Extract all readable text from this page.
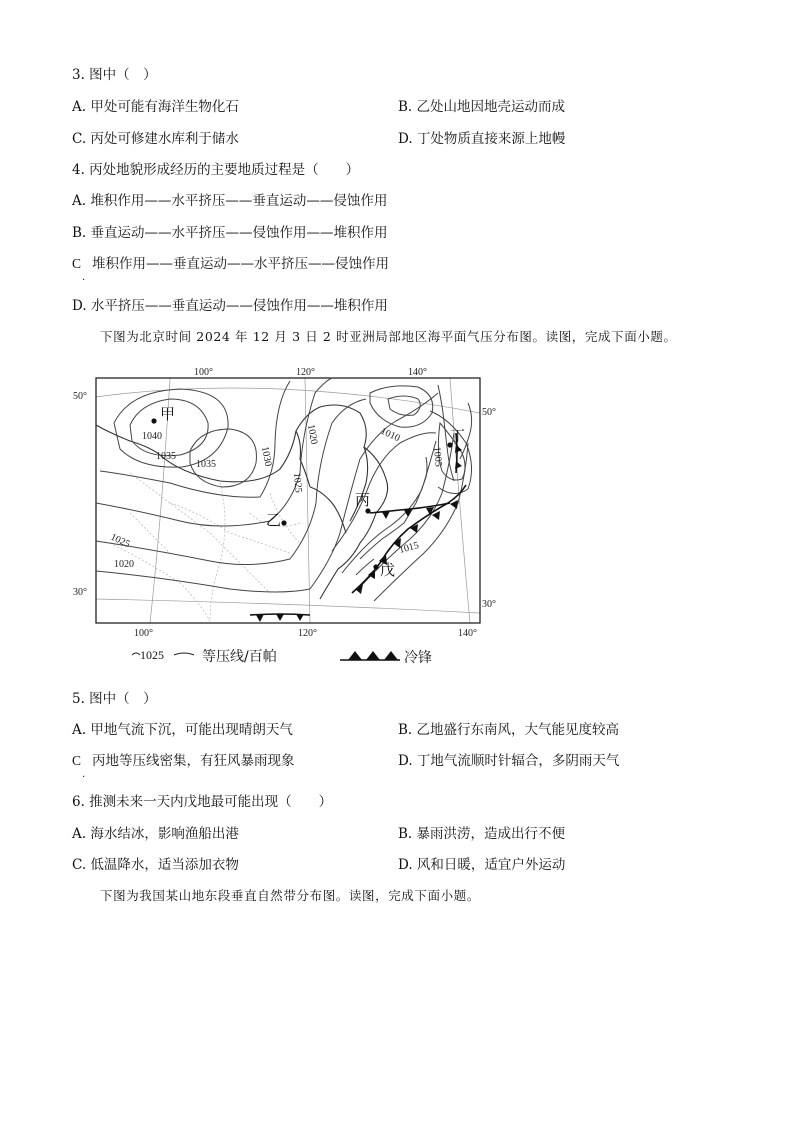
3. 图中（　）
A. 甲处可能有海洋生物化石	B. 乙处山地因地壳运动而成
C. 丙处可修建水库利于储水	D. 丁处物质直接来源上地幔
4. 丙处地貌形成经历的主要地质过程是（　　）
A. 堆积作用——水平挤压——垂直运动——侵蚀作用
B. 垂直运动——水平挤压——侵蚀作用——堆积作用
C
·
堆积作用——垂直运动——水平挤压——侵蚀作用
D. 水平挤压——垂直运动——侵蚀作用——堆积作用
下图为北京时间 2024 年 12 月 3 日 2 时亚洲局部地区海平面气压分布图。读图，完成下面小题。
1040
1035
1035	1030
1025
1020
1025
1020
1010
1005
1015
100°	120°	140°
100°	120°	140°
50°
30°
50°
30°
甲
乙
丙
丁
戊
1025	等压线/百帕	冷锋
5. 图中（　）
A. 甲地气流下沉，可能出现晴朗天气	B. 乙地盛行东南风，大气能见度较高
C
·
丙地等压线密集，有狂风暴雨现象	D. 丁地气流顺时针辐合，多阴雨天气
6. 推测未来一天内戊地最可能出现（　　）
A. 海水结冰，影响渔船出港	B. 暴雨洪涝，造成出行不便
C. 低温降水，适当添加衣物	D. 风和日暖，适宜户外运动
下图为我国某山地东段垂直自然带分布图。读图，完成下面小题。
